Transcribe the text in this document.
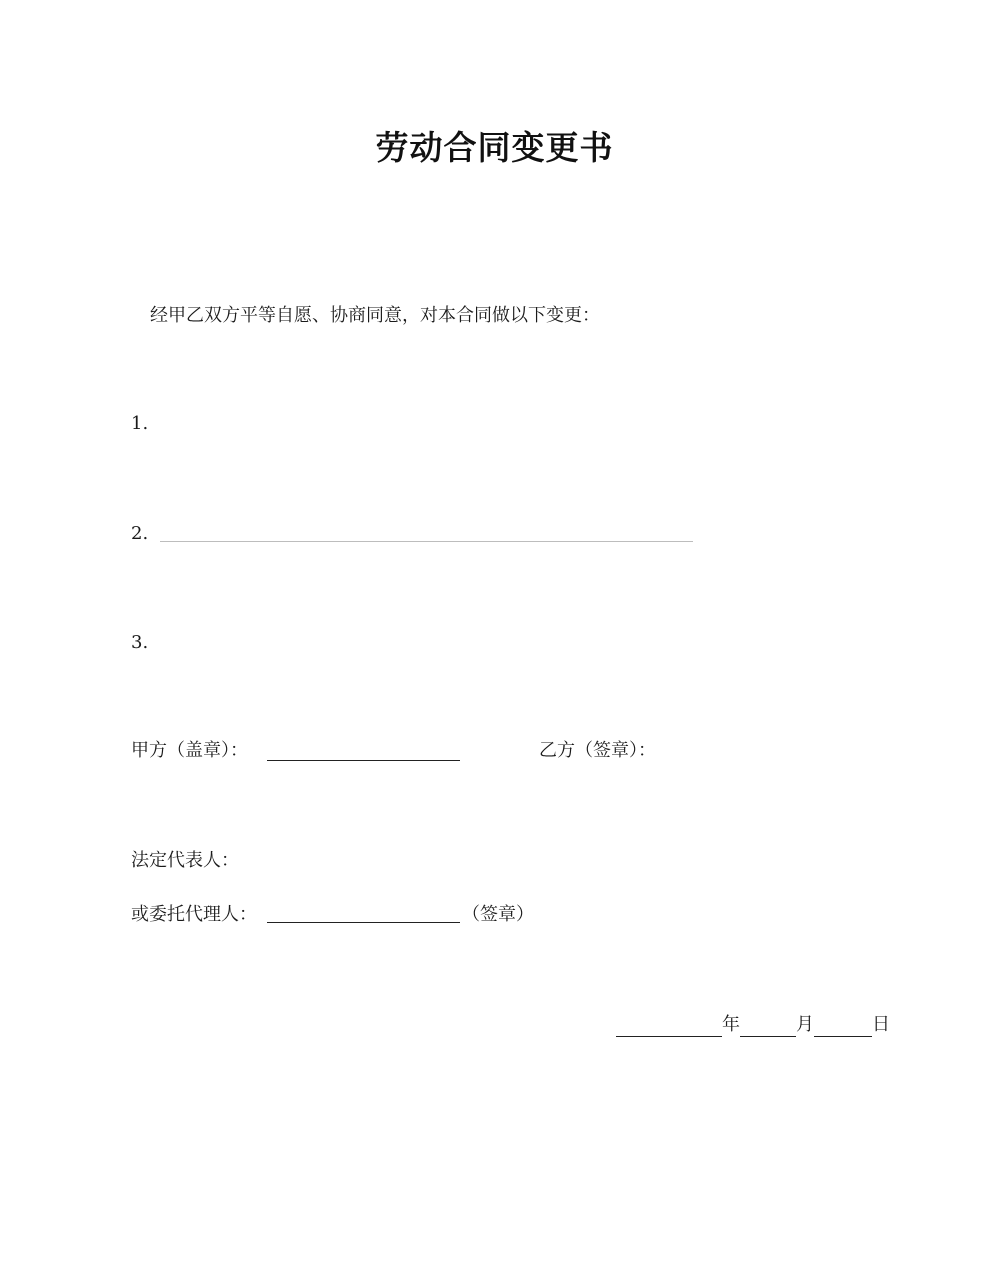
劳动合同变更书
经甲乙双方平等自愿、协商同意，对本合同做以下变更：
1.
2.
3.
甲方（盖章）：	乙方（签章）：
法定代表人：
或委托代理人：	（签章）
年	月	日
